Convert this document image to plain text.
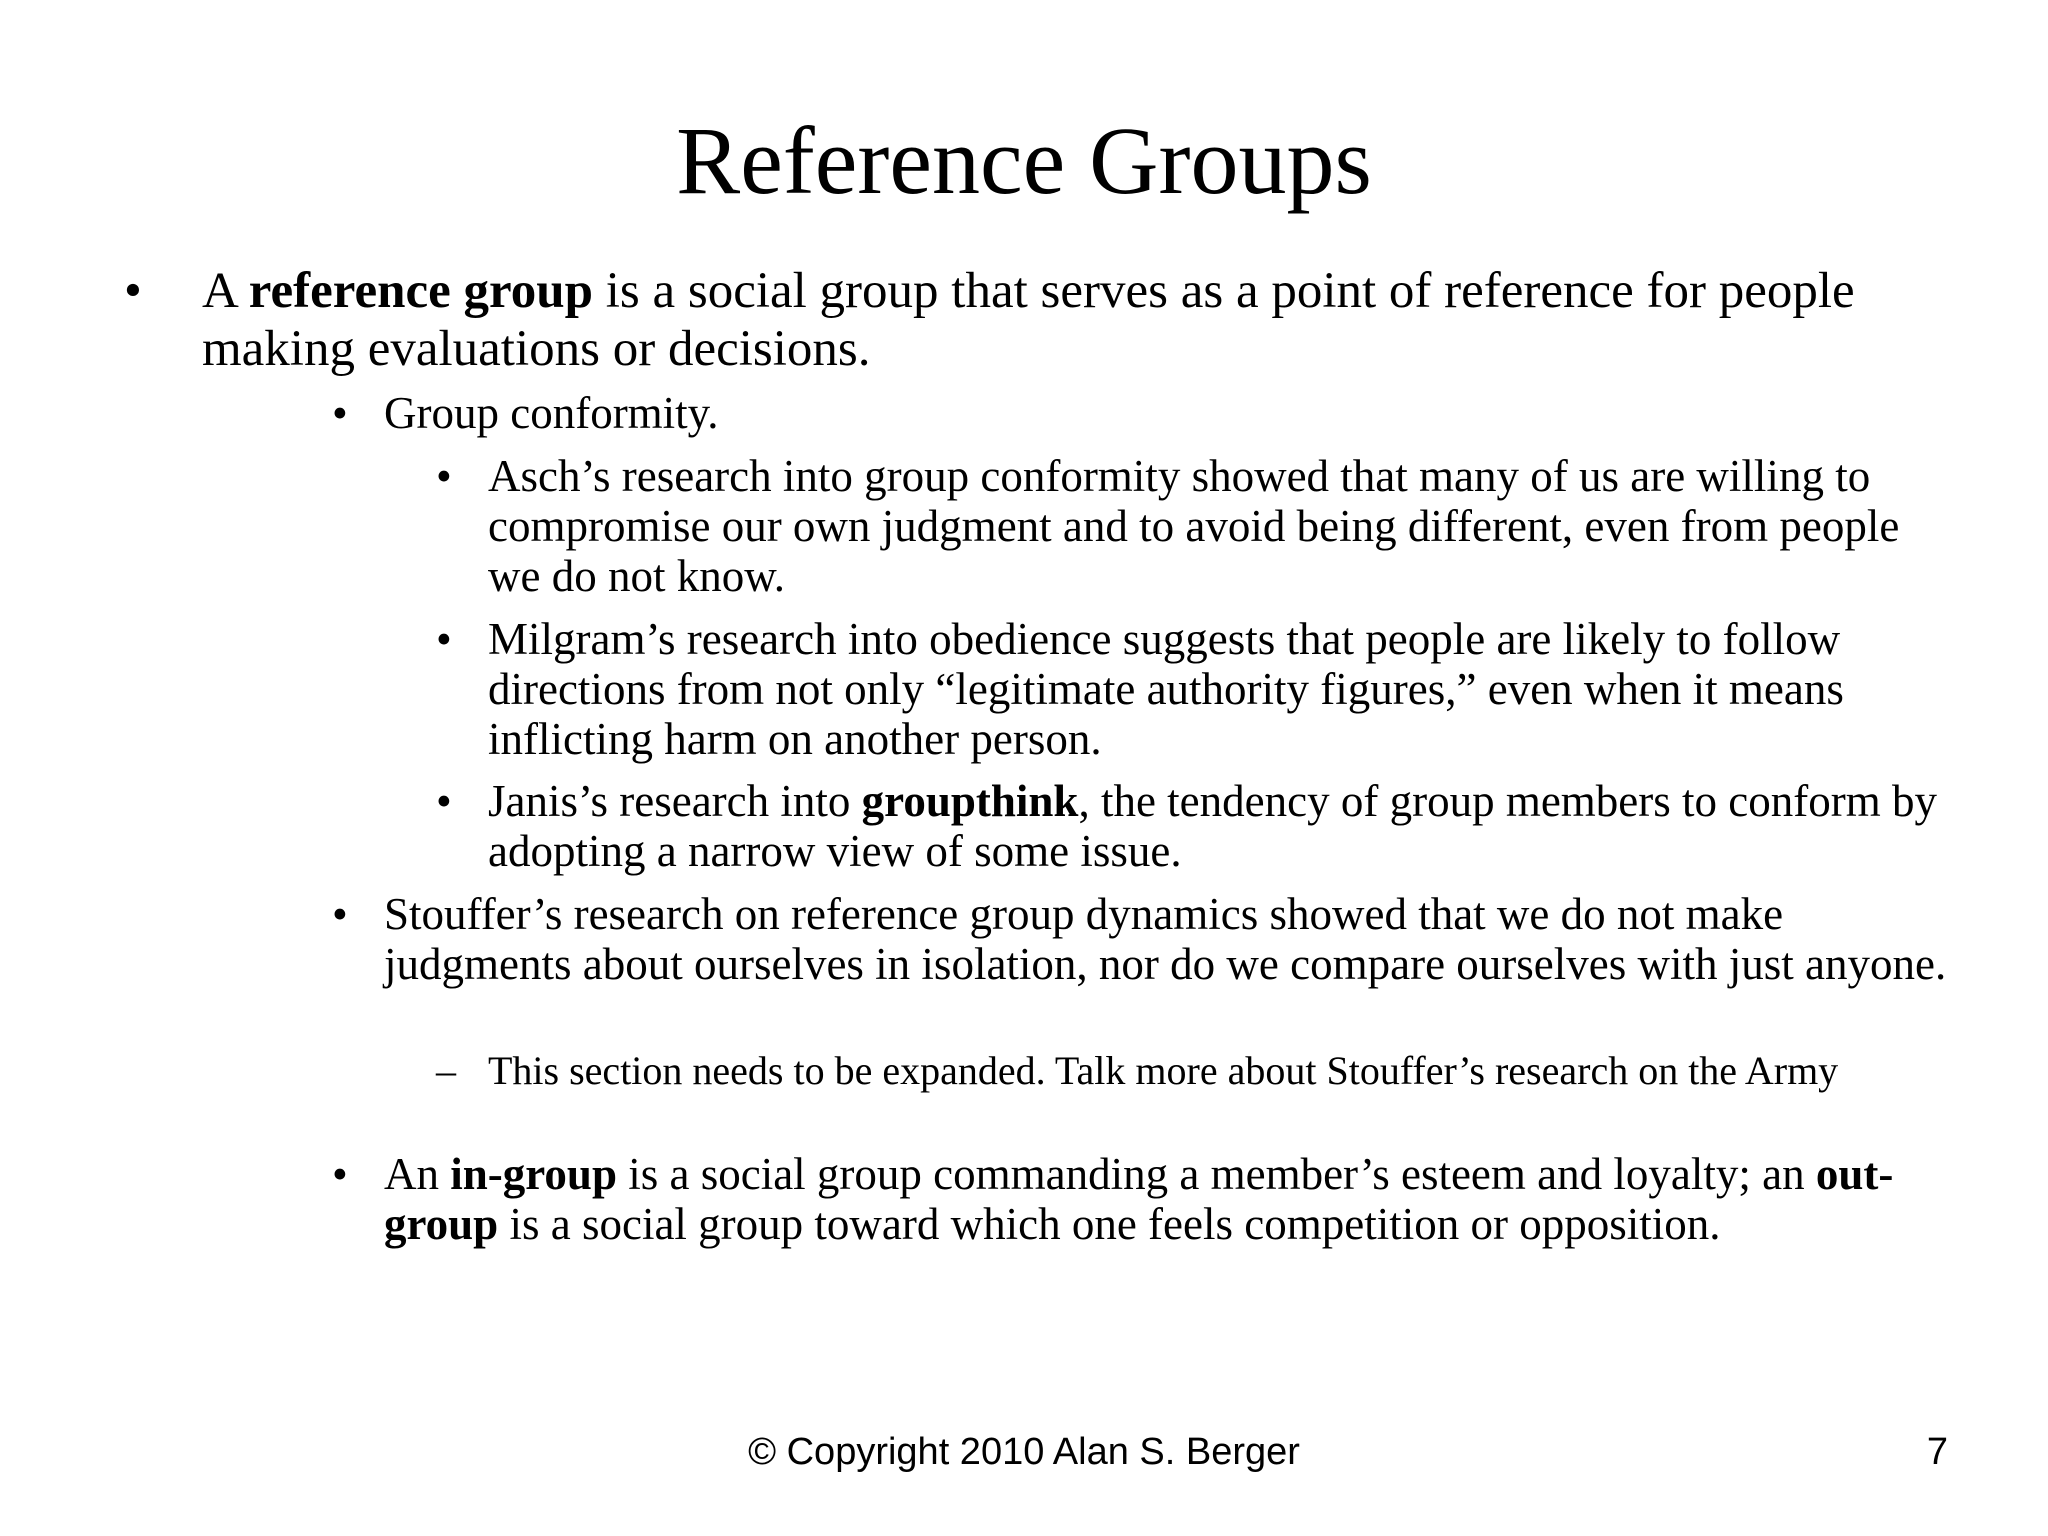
Reference Groups

• A reference group is a social group that serves as a point of reference for people making evaluations or decisions.

• Group conformity.

• Asch’s research into group conformity showed that many of us are willing to compromise our own judgment and to avoid being different, even from people we do not know.

• Milgram’s research into obedience suggests that people are likely to follow directions from not only “legitimate authority figures,” even when it means inflicting harm on another person.

• Janis’s research into groupthink, the tendency of group members to conform by adopting a narrow view of some issue.

• Stouffer’s research on reference group dynamics showed that we do not make judgments about ourselves in isolation, nor do we compare ourselves with just anyone.

– This section needs to be expanded. Talk more about Stouffer’s research on the Army

• An in-group is a social group commanding a member’s esteem and loyalty; an out-group is a social group toward which one feels competition or opposition.

© Copyright 2010 Alan S. Berger	7
